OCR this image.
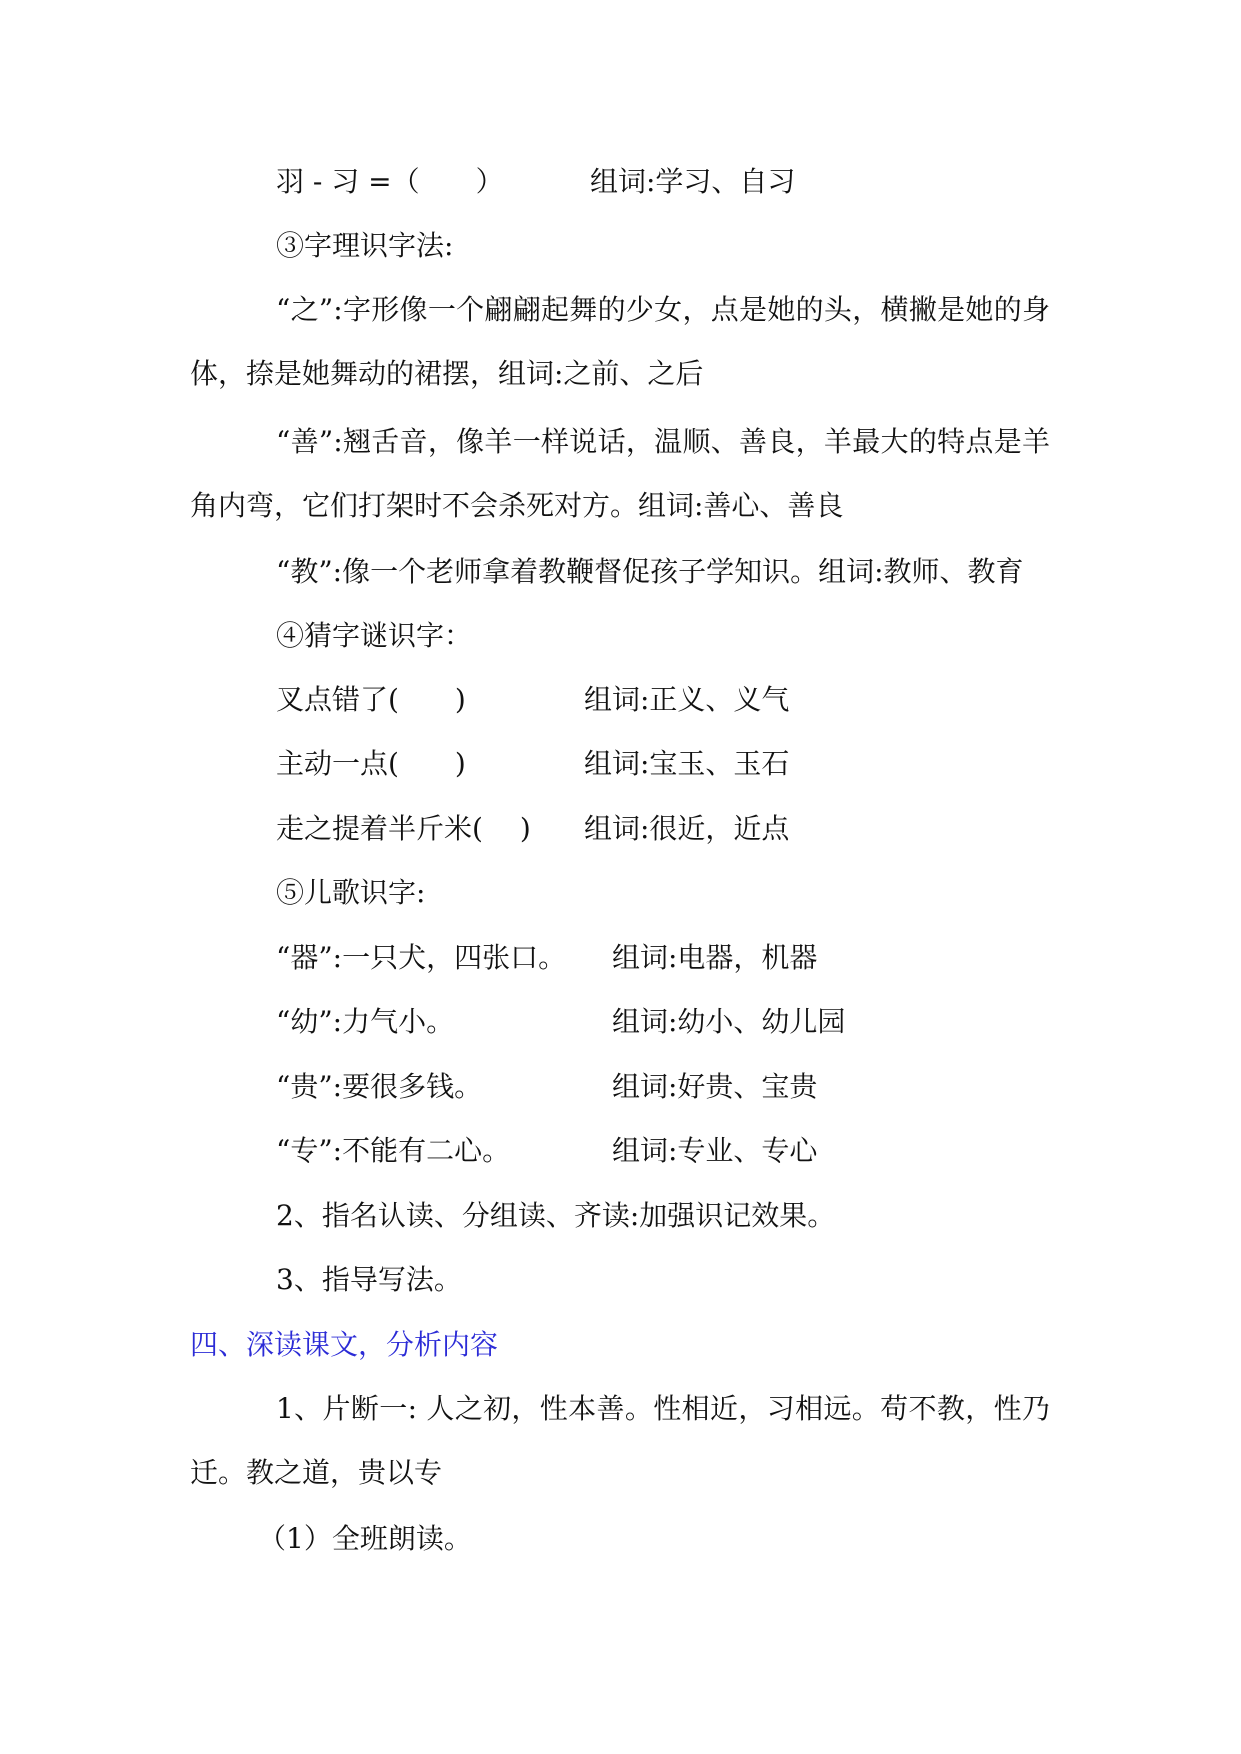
羽 - 习 =（　　）	组词:学习、自习
③字理识字法:
“之”:字形像一个翩翩起舞的少女，点是她的头，横撇是她的身体，捺是她舞动的裙摆，组词:之前、之后
“善”:翘舌音，像羊一样说话，温顺、善良，羊最大的特点是羊角内弯，它们打架时不会杀死对方。组词:善心、善良
“教”:像一个老师拿着教鞭督促孩子学知识。组词:教师、教育
④猜字谜识字：
叉点错了(　　)	组词:正义、义气
主动一点(　　)	组词:宝玉、玉石
走之提着半斤米(　 ) 组词:很近，近点
⑤儿歌识字:
“器”:一只犬，四张口。 组词:电器，机器
“幼”:力气小。	组词:幼小、幼儿园
“贵”:要很多钱。	组词:好贵、宝贵
“专”:不能有二心。	组词:专业、专心
2、指名认读、分组读、齐读:加强识记效果。
3、指导写法。
四、深读课文，分析内容
1、片断一: 人之初，性本善。性相近，习相远。苟不教，性乃迁。教之道，贵以专
（1）全班朗读。
